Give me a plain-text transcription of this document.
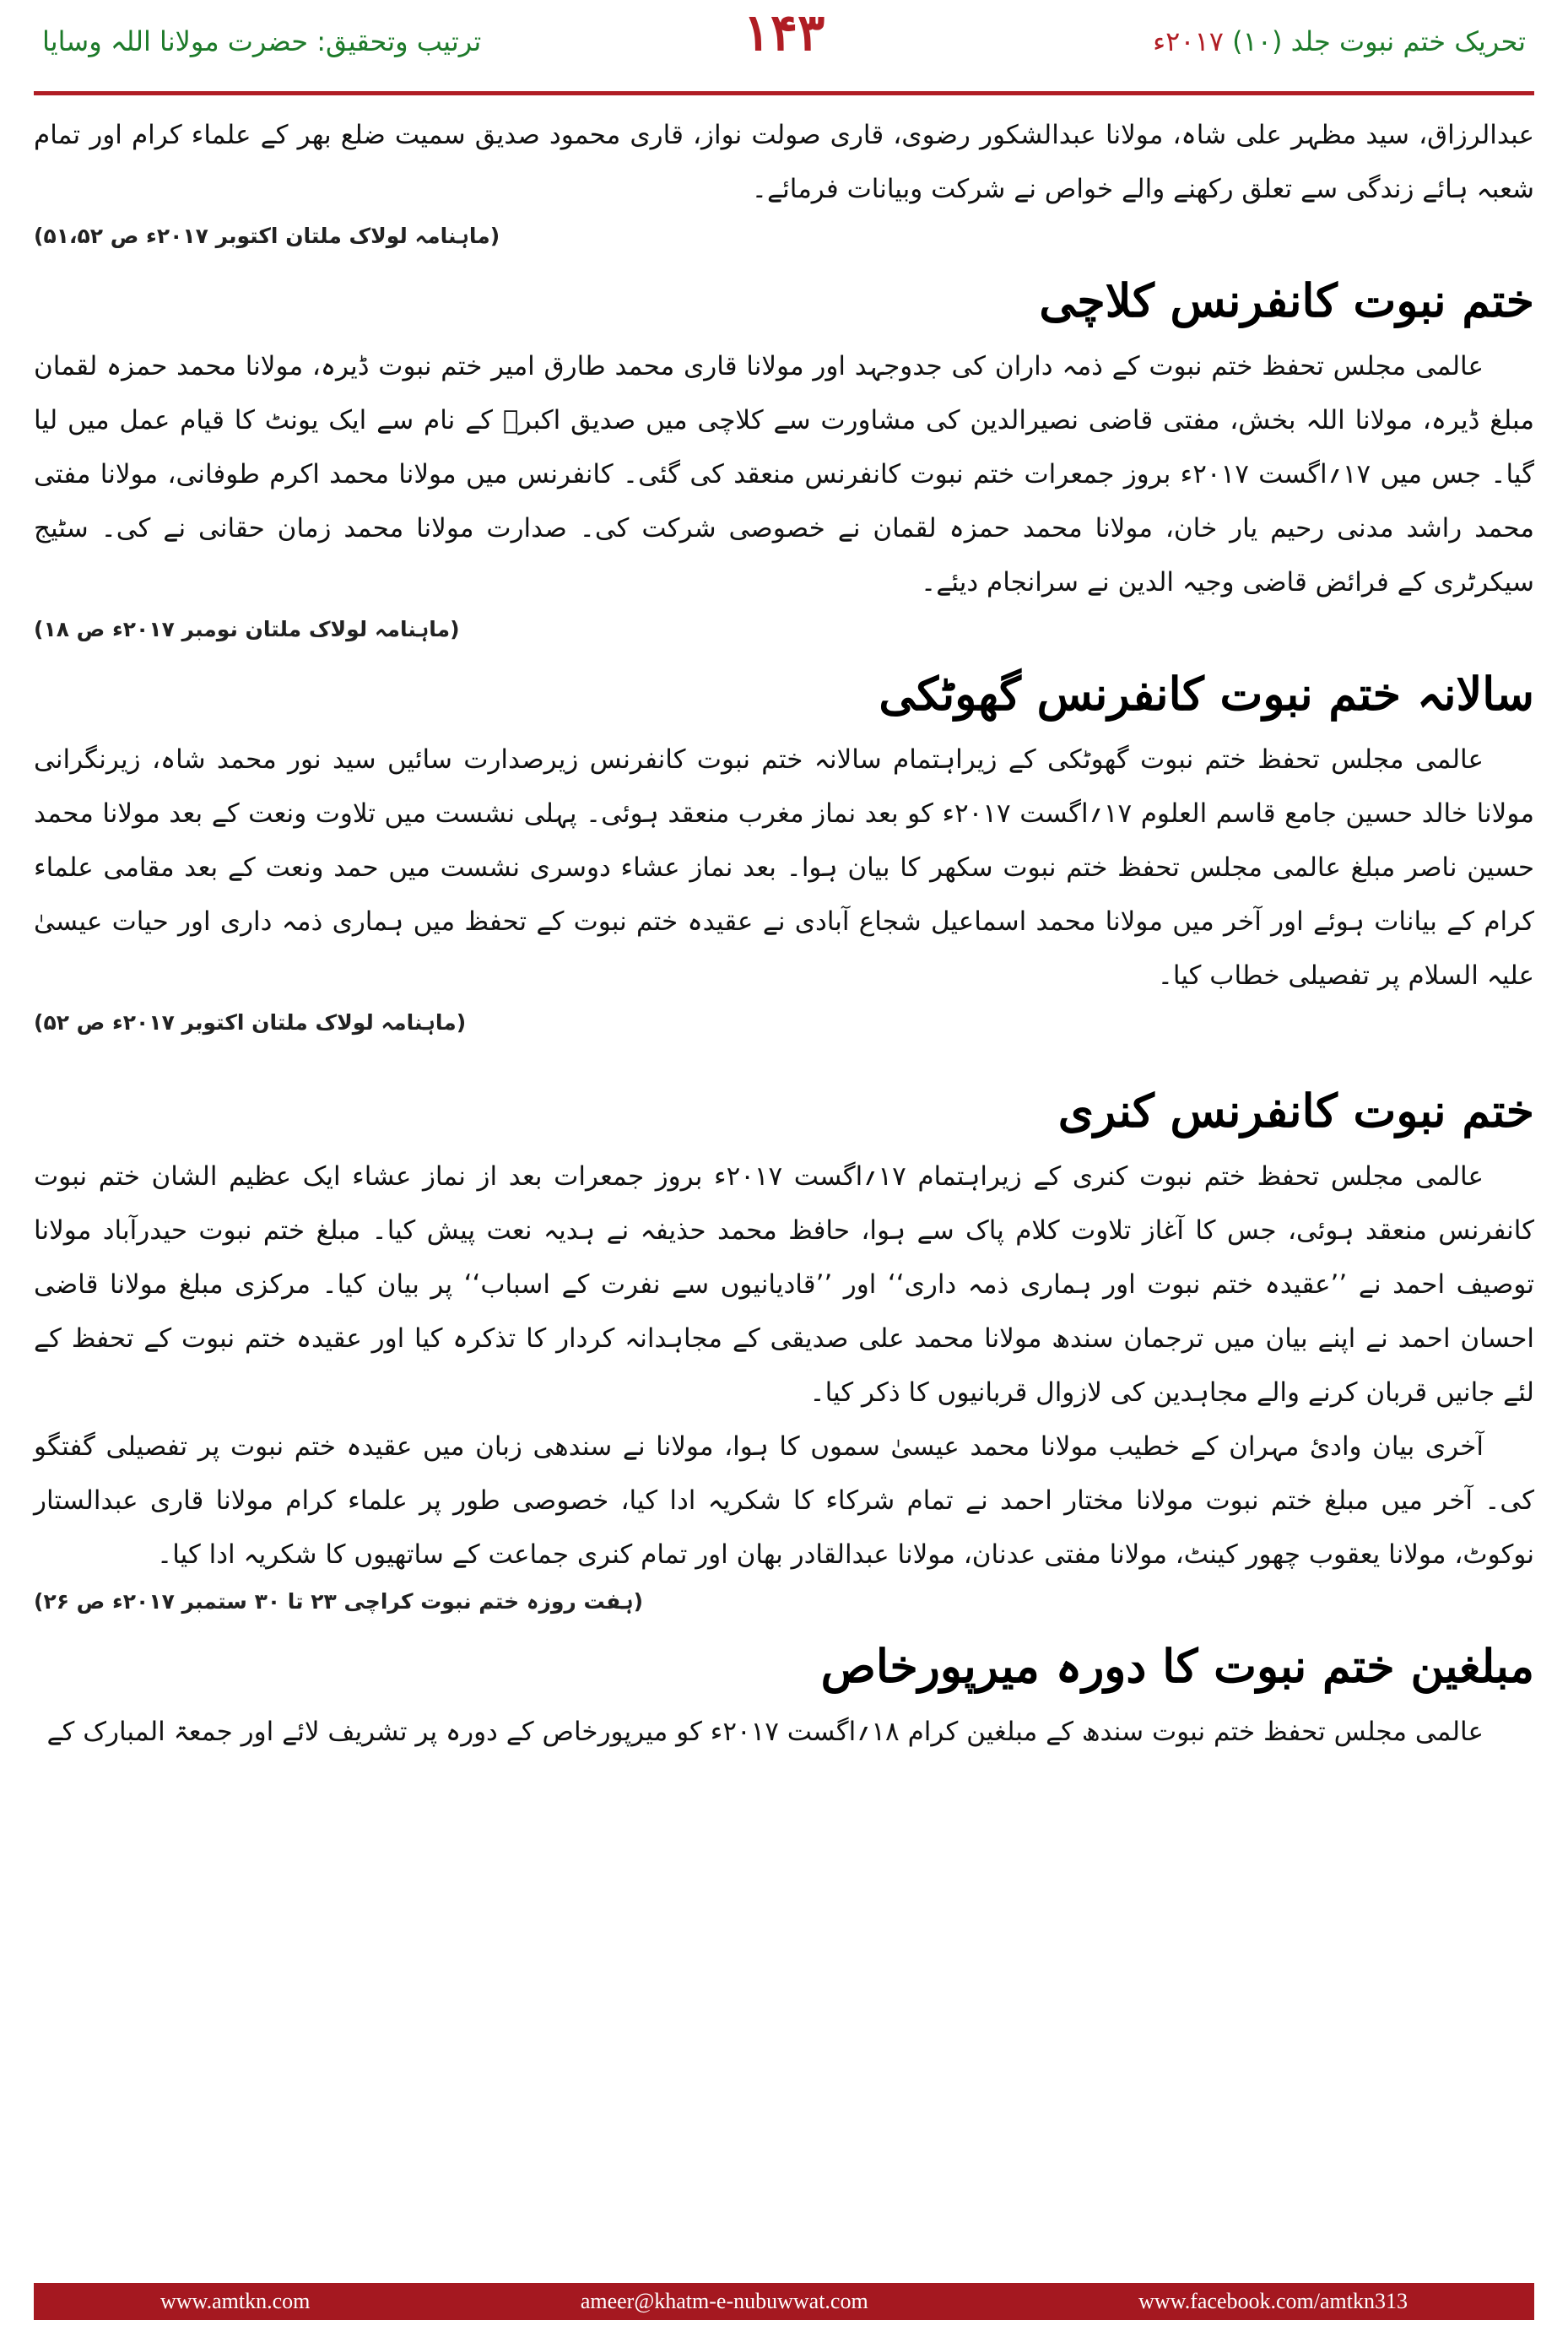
ترتیب وتحقیق: حضرت مولانا اللہ وسایا	۱۴۳	تحریک ختم نبوت جلد (۱۰) ۲۰۱۷ء

عبدالرزاق، سید مظہر علی شاہ، مولانا عبدالشکور رضوی، قاری صولت نواز، قاری محمود صدیق سمیت ضلع بھر کے علماء کرام اور تمام شعبہ ہائے زندگی سے تعلق رکھنے والے خواص نے شرکت وبیانات فرمائے۔

(ماہنامہ لولاک ملتان اکتوبر ۲۰۱۷ء ص ۵۱،۵۲)
ختم نبوت کانفرنس کلاچی

عالمی مجلس تحفظ ختم نبوت کے ذمہ داران کی جدوجہد اور مولانا قاری محمد طارق امیر ختم نبوت ڈیرہ، مولانا محمد حمزہ لقمان مبلغ ڈیرہ، مولانا اللہ بخش، مفتی قاضی نصیرالدین کی مشاورت سے کلاچی میں صدیق اکبرؓ کے نام سے ایک یونٹ کا قیام عمل میں لیا گیا۔ جس میں ۱۷؍اگست ۲۰۱۷ء بروز جمعرات ختم نبوت کانفرنس منعقد کی گئی۔ کانفرنس میں مولانا محمد اکرم طوفانی، مولانا مفتی محمد راشد مدنی رحیم یار خان، مولانا محمد حمزہ لقمان نے خصوصی شرکت کی۔ صدارت مولانا محمد زمان حقانی نے کی۔ سٹیج سیکرٹری کے فرائض قاضی وجیہ الدین نے سرانجام دیئے۔

(ماہنامہ لولاک ملتان نومبر ۲۰۱۷ء ص ۱۸)
سالانہ ختم نبوت کانفرنس گھوٹکی

عالمی مجلس تحفظ ختم نبوت گھوٹکی کے زیراہتمام سالانہ ختم نبوت کانفرنس زیرصدارت سائیں سید نور محمد شاہ، زیرنگرانی مولانا خالد حسین جامع قاسم العلوم ۱۷؍اگست ۲۰۱۷ء کو بعد نماز مغرب منعقد ہوئی۔ پہلی نشست میں تلاوت ونعت کے بعد مولانا محمد حسین ناصر مبلغ عالمی مجلس تحفظ ختم نبوت سکھر کا بیان ہوا۔ بعد نماز عشاء دوسری نشست میں حمد ونعت کے بعد مقامی علماء کرام کے بیانات ہوئے اور آخر میں مولانا محمد اسماعیل شجاع آبادی نے عقیدہ ختم نبوت کے تحفظ میں ہماری ذمہ داری اور حیات عیسیٰ علیہ السلام پر تفصیلی خطاب کیا۔

(ماہنامہ لولاک ملتان اکتوبر ۲۰۱۷ء ص ۵۲)
ختم نبوت کانفرنس کنری

عالمی مجلس تحفظ ختم نبوت کنری کے زیراہتمام ۱۷؍اگست ۲۰۱۷ء بروز جمعرات بعد از نماز عشاء ایک عظیم الشان ختم نبوت کانفرنس منعقد ہوئی، جس کا آغاز تلاوت کلام پاک سے ہوا، حافظ محمد حذیفہ نے ہدیہ نعت پیش کیا۔ مبلغ ختم نبوت حیدرآباد مولانا توصیف احمد نے ’’عقیدہ ختم نبوت اور ہماری ذمہ داری‘‘ اور ’’قادیانیوں سے نفرت کے اسباب‘‘ پر بیان کیا۔ مرکزی مبلغ مولانا قاضی احسان احمد نے اپنے بیان میں ترجمان سندھ مولانا محمد علی صدیقی کے مجاہدانہ کردار کا تذکرہ کیا اور عقیدہ ختم نبوت کے تحفظ کے لئے جانیں قربان کرنے والے مجاہدین کی لازوال قربانیوں کا ذکر کیا۔

آخری بیان وادئ مہران کے خطیب مولانا محمد عیسیٰ سموں کا ہوا، مولانا نے سندھی زبان میں عقیدہ ختم نبوت پر تفصیلی گفتگو کی۔ آخر میں مبلغ ختم نبوت مولانا مختار احمد نے تمام شرکاء کا شکریہ ادا کیا، خصوصی طور پر علماء کرام مولانا قاری عبدالستار نوکوٹ، مولانا یعقوب چھور کینٹ، مولانا مفتی عدنان، مولانا عبدالقادر بھان اور تمام کنری جماعت کے ساتھیوں کا شکریہ ادا کیا۔

(ہفت روزہ ختم نبوت کراچی ۲۳ تا ۳۰ ستمبر ۲۰۱۷ء ص ۲۶)
مبلغین ختم نبوت کا دورہ میرپورخاص

عالمی مجلس تحفظ ختم نبوت سندھ کے مبلغین کرام ۱۸؍اگست ۲۰۱۷ء کو میرپورخاص کے دورہ پر تشریف لائے اور جمعۃ المبارک کے

www.amtkn.com	ameer@khatm-e-nubuwwat.com	www.facebook.com/amtkn313
